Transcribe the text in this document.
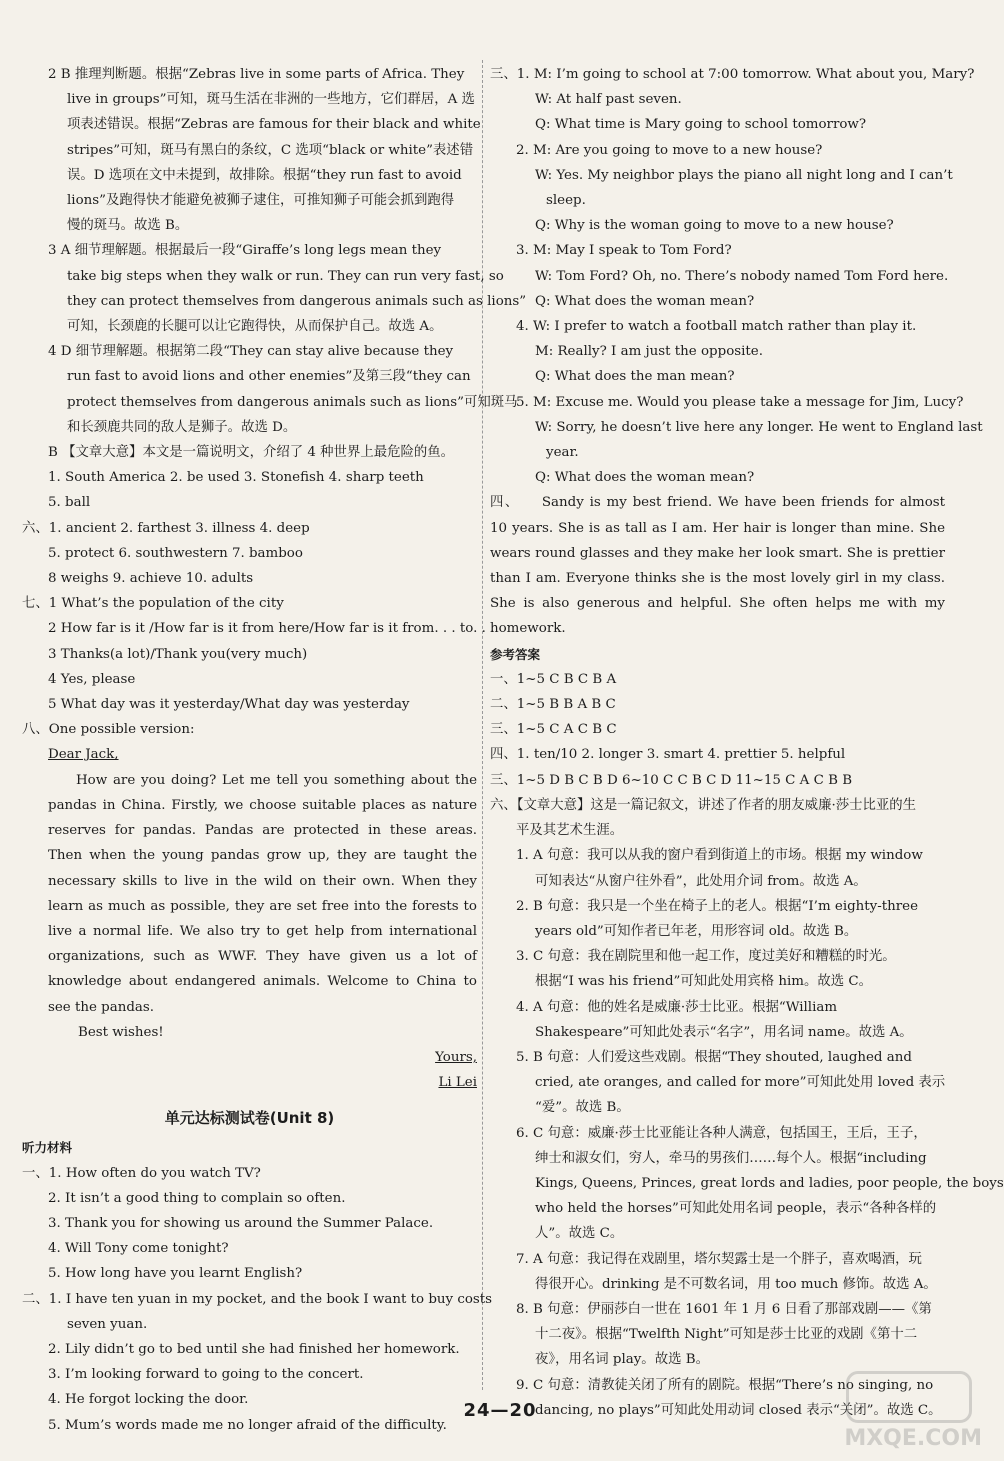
2 B 推理判断题。根据“Zebras live in some parts of Africa. They
live in groups”可知，斑马生活在非洲的一些地方，它们群居，A 选
项表述错误。根据“Zebras are famous for their black and white
stripes”可知，斑马有黑白的条纹，C 选项“black or white”表述错
误。D 选项在文中未提到，故排除。根据“they run fast to avoid
lions”及跑得快才能避免被狮子逮住，可推知狮子可能会抓到跑得
慢的斑马。故选 B。
3 A 细节理解题。根据最后一段“Giraffe’s long legs mean they
take big steps when they walk or run. They can run very fast, so
they can protect themselves from dangerous animals such as lions”
可知，长颈鹿的长腿可以让它跑得快，从而保护自己。故选 A。
4 D 细节理解题。根据第二段“They can stay alive because they
run fast to avoid lions and other enemies”及第三段“they can
protect themselves from dangerous animals such as lions”可知斑马
和长颈鹿共同的敌人是狮子。故选 D。
B 【文章大意】本文是一篇说明文，介绍了 4 种世界上最危险的鱼。
1. South America 2. be used 3. Stonefish 4. sharp teeth
5. ball
六、1. ancient 2. farthest 3. illness 4. deep
5. protect 6. southwestern 7. bamboo
8 weighs 9. achieve 10. adults
七、1 What’s the population of the city
2 How far is it /How far is it from here/How far is it from. . . to. . .
3 Thanks(a lot)/Thank you(very much)
4 Yes, please
5 What day was it yesterday/What day was yesterday
八、One possible version:
Dear Jack,
How are you doing? Let me tell you something about the pandas in China. Firstly, we choose suitable places as nature reserves for pandas. Pandas are protected in these areas. Then when the young pandas grow up, they are taught the necessary skills to live in the wild on their own. When they learn as much as possible, they are set free into the forests to live a normal life. We also try to get help from international organizations, such as WWF. They have given us a lot of knowledge about endangered animals. Welcome to China to see the pandas.
Best wishes!
Yours,
Li Lei
单元达标测试卷(Unit 8)
听力材料
一、1. How often do you watch TV?
2. It isn’t a good thing to complain so often.
3. Thank you for showing us around the Summer Palace.
4. Will Tony come tonight?
5. How long have you learnt English?
二、1. I have ten yuan in my pocket, and the book I want to buy costs
seven yuan.
2. Lily didn’t go to bed until she had finished her homework.
3. I’m looking forward to going to the concert.
4. He forgot locking the door.
5. Mum’s words made me no longer afraid of the difficulty.
三、1. M: I’m going to school at 7:00 tomorrow. What about you, Mary?
W: At half past seven.
Q: What time is Mary going to school tomorrow?
2. M: Are you going to move to a new house?
W: Yes. My neighbor plays the piano all night long and I can’t
sleep.
Q: Why is the woman going to move to a new house?
3. M: May I speak to Tom Ford?
W: Tom Ford? Oh, no. There’s nobody named Tom Ford here.
Q: What does the woman mean?
4. W: I prefer to watch a football match rather than play it.
M: Really? I am just the opposite.
Q: What does the man mean?
5. M: Excuse me. Would you please take a message for Jim, Lucy?
W: Sorry, he doesn’t live here any longer. He went to England last
year.
Q: What does the woman mean?
四、 Sandy is my best friend. We have been friends for almost 10 years. She is as tall as I am. Her hair is longer than mine. She wears round glasses and they make her look smart. She is prettier than I am. Everyone thinks she is the most lovely girl in my class. She is also generous and helpful. She often helps me with my homework.
参考答案
一、1~5 C B C B A
二、1~5 B B A B C
三、1~5 C A C B C
四、1. ten/10 2. longer 3. smart 4. prettier 5. helpful
三、1~5 D B C B D 6~10 C C B C D 11~15 C A C B B
六、【文章大意】这是一篇记叙文，讲述了作者的朋友威廉·莎士比亚的生
平及其艺术生涯。
1. A 句意：我可以从我的窗户看到街道上的市场。根据 my window
可知表达“从窗户往外看”，此处用介词 from。故选 A。
2. B 句意：我只是一个坐在椅子上的老人。根据“I’m eighty-three
years old”可知作者已年老，用形容词 old。故选 B。
3. C 句意：我在剧院里和他一起工作，度过美好和糟糕的时光。
根据“I was his friend”可知此处用宾格 him。故选 C。
4. A 句意：他的姓名是威廉·莎士比亚。根据“William
Shakespeare”可知此处表示“名字”，用名词 name。故选 A。
5. B 句意：人们爱这些戏剧。根据“They shouted, laughed and
cried, ate oranges, and called for more”可知此处用 loved 表示
“爱”。故选 B。
6. C 句意：威廉·莎士比亚能让各种人满意，包括国王，王后，王子，
绅士和淑女们，穷人，牵马的男孩们……每个人。根据“including
Kings, Queens, Princes, great lords and ladies, poor people, the boys
who held the horses”可知此处用名词 people，表示“各种各样的
人”。故选 C。
7. A 句意：我记得在戏剧里，塔尔契露士是一个胖子，喜欢喝酒，玩
得很开心。drinking 是不可数名词，用 too much 修饰。故选 A。
8. B 句意：伊丽莎白一世在 1601 年 1 月 6 日看了那部戏剧——《第
十二夜》。根据“Twelfth Night”可知是莎士比亚的戏剧《第十二
夜》，用名词 play。故选 B。
9. C 句意：清教徒关闭了所有的剧院。根据“There’s no singing, no
dancing, no plays”可知此处用动词 closed 表示“关闭”。故选 C。
24—20
MXQE.COM
